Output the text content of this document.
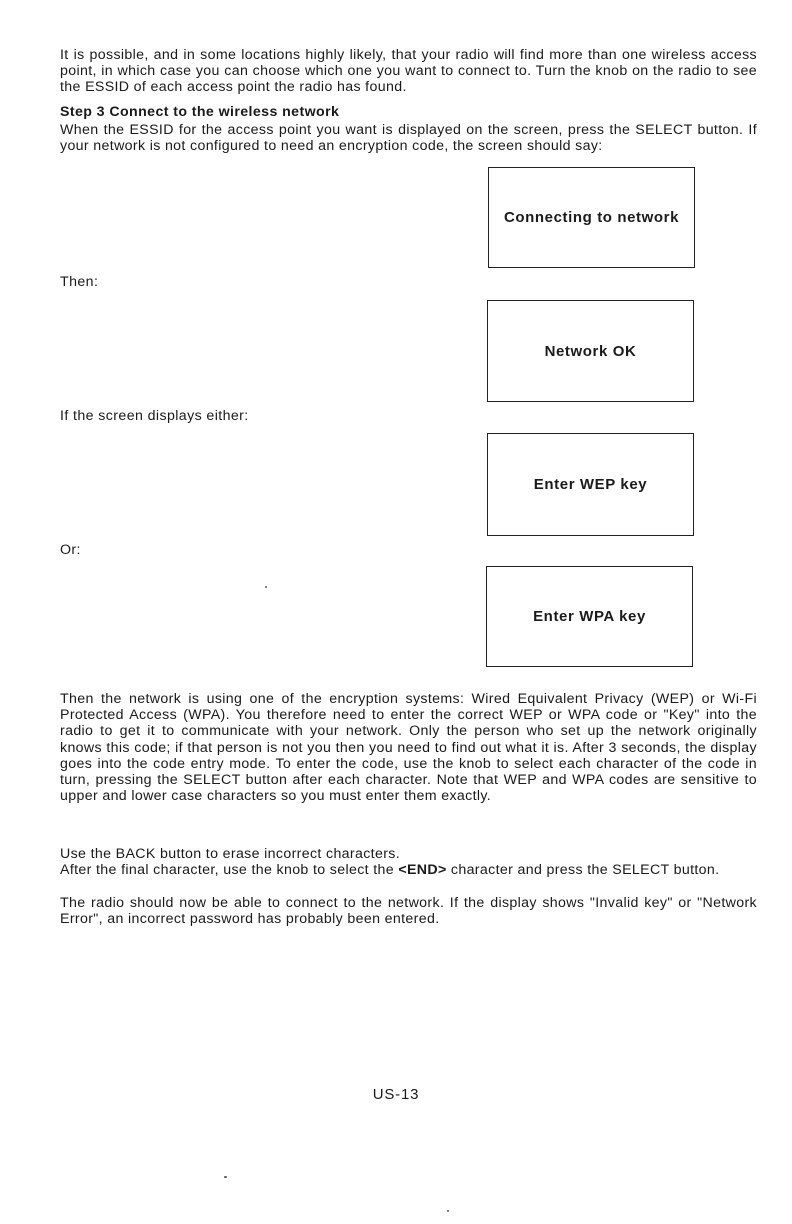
It is possible, and in some locations highly likely, that your radio will find more than one wireless access point, in which case you can choose which one you want to connect to. Turn the knob on the radio to see the ESSID of each access point the radio has found.

Step 3 Connect to the wireless network

When the ESSID for the access point you want is displayed on the screen, press the SELECT button. If your network is not configured to need an encryption code, the screen should say:

Connecting to network

Then:

Network OK

If the screen displays either:

Enter WEP key

Or:

Enter WPA key

Then the network is using one of the encryption systems: Wired Equivalent Privacy (WEP) or Wi-Fi Protected Access (WPA). You therefore need to enter the correct WEP or WPA code or "Key" into the radio to get it to communicate with your network. Only the person who set up the network originally knows this code; if that person is not you then you need to find out what it is. After 3 seconds, the display goes into the code entry mode. To enter the code, use the knob to select each character of the code in turn, pressing the SELECT button after each character. Note that WEP and WPA codes are sensitive to upper and lower case characters so you must enter them exactly.

Use the BACK button to erase incorrect characters.

After the final character, use the knob to select the <END> character and press the SELECT button.

The radio should now be able to connect to the network. If the display shows "Invalid key" or "Network Error", an incorrect password has probably been entered.

US-13
